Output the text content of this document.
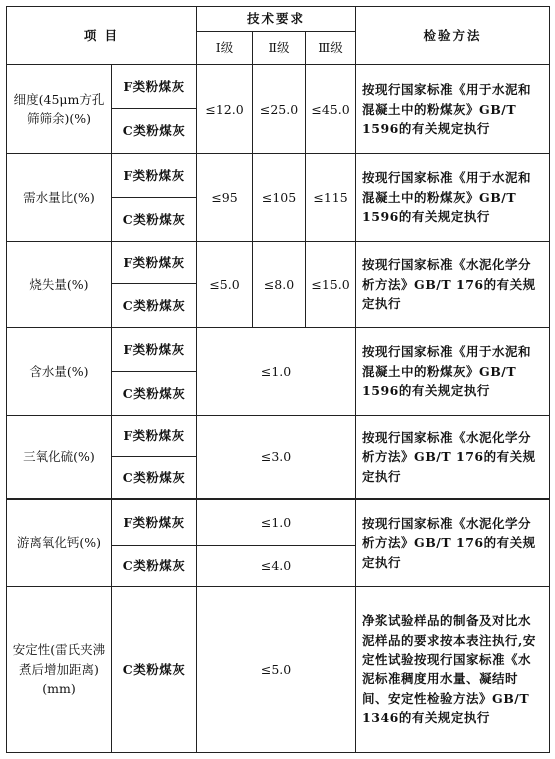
项 目		技术要求			检验方法
		Ⅰ级	Ⅱ级	Ⅲ级	
细度(45μm方孔筛筛余)(%)	F类粉煤灰	≤12.0	≤25.0	≤45.0	按现行国家标准《用于水泥和混凝土中的粉煤灰》GB/T 1596的有关规定执行
	C类粉煤灰				
需水量比(%)	F类粉煤灰	≤95	≤105	≤115	按现行国家标准《用于水泥和混凝土中的粉煤灰》GB/T 1596的有关规定执行
	C类粉煤灰				
烧失量(%)	F类粉煤灰	≤5.0	≤8.0	≤15.0	按现行国家标准《水泥化学分析方法》GB/T 176的有关规定执行
	C类粉煤灰				
含水量(%)	F类粉煤灰	≤1.0			按现行国家标准《用于水泥和混凝土中的粉煤灰》GB/T 1596的有关规定执行
	C类粉煤灰				
三氧化硫(%)	F类粉煤灰	≤3.0			按现行国家标准《水泥化学分析方法》GB/T 176的有关规定执行
	C类粉煤灰				
游离氧化钙(%)	F类粉煤灰	≤1.0			按现行国家标准《水泥化学分析方法》GB/T 176的有关规定执行
	C类粉煤灰	≤4.0			
安定性(雷氏夹沸煮后增加距离)(mm)	C类粉煤灰	≤5.0			净浆试验样品的制备及对比水泥样品的要求按本表注执行,安定性试验按现行国家标准《水泥标准稠度用水量、凝结时间、安定性检验方法》GB/T 1346的有关规定执行
